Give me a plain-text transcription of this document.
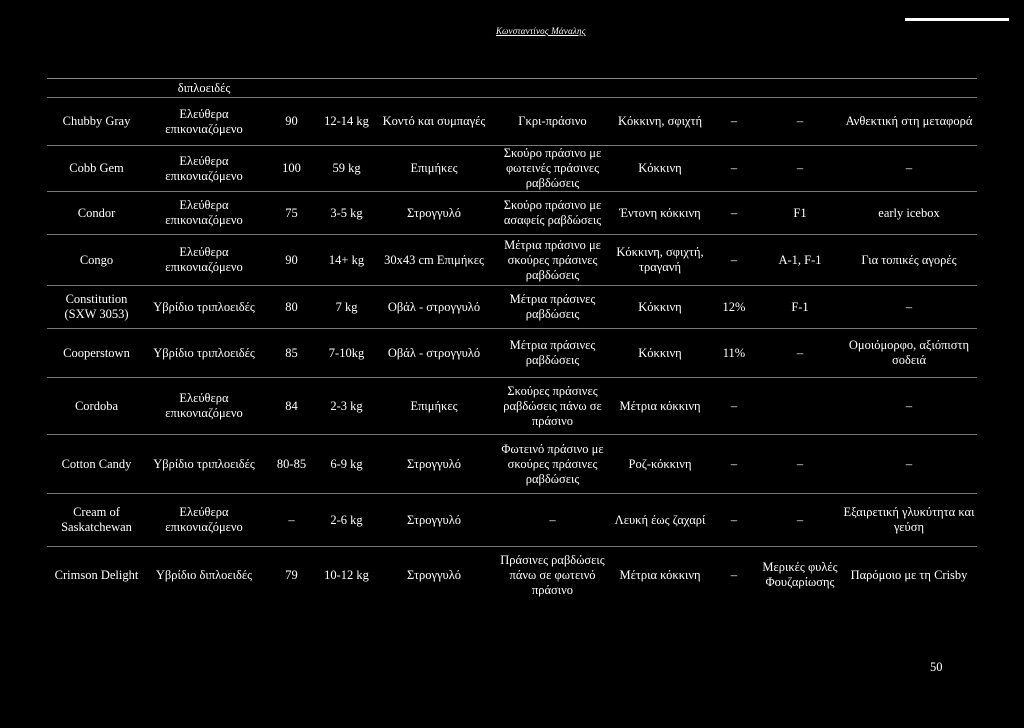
Κωνσταντίνος Μάναλης
	διπλοειδές								
Chubby Gray	Ελεύθερα επικονιαζόμενο	90	12-14 kg	Κοντό και συμπαγές	Γκρι-πράσινο	Κόκκινη, σφιχτή	–	–	Ανθεκτική στη μεταφορά
Cobb Gem	Ελεύθερα επικονιαζόμενο	100	59 kg	Επιμήκες	Σκούρο πράσινο με φωτεινές πράσινες ραβδώσεις	Κόκκινη	–	–	–
Condor	Ελεύθερα επικονιαζόμενο	75	3-5 kg	Στρογγυλό	Σκούρο πράσινο με ασαφείς ραβδώσεις	Έντονη κόκκινη	–	F1	early icebox
Congo	Ελεύθερα επικονιαζόμενο	90	14+ kg	30x43 cm Επιμήκες	Μέτρια πράσινο με σκούρες πράσινες ραβδώσεις	Κόκκινη, σφιχτή, τραγανή	–	A-1, F-1	Για τοπικές αγορές
Constitution (SXW 3053)	Υβρίδιο τριπλοειδές	80	7 kg	Οβάλ - στρογγυλό	Μέτρια πράσινες ραβδώσεις	Κόκκινη	12%	F-1	–
Cooperstown	Υβρίδιο τριπλοειδές	85	7-10kg	Οβάλ - στρογγυλό	Μέτρια πράσινες ραβδώσεις	Κόκκινη	11%	–	Ομοιόμορφο, αξιόπιστη σοδειά
Cordoba	Ελεύθερα επικονιαζόμενο	84	2-3 kg	Επιμήκες	Σκούρες πράσινες ραβδώσεις πάνω σε πράσινο	Μέτρια κόκκινη	–		–
Cotton Candy	Υβρίδιο τριπλοειδές	80-85	6-9 kg	Στρογγυλό	Φωτεινό πράσινο με σκούρες πράσινες ραβδώσεις	Ροζ-κόκκινη	–	–	–
Cream of Saskatchewan	Ελεύθερα επικονιαζόμενο	–	2-6 kg	Στρογγυλό	–	Λευκή έως ζαχαρί	–	–	Εξαιρετική γλυκύτητα και γεύση
Crimson Delight	Υβρίδιο διπλοειδές	79	10-12 kg	Στρογγυλό	Πράσινες ραβδώσεις πάνω σε φωτεινό πράσινο	Μέτρια κόκκινη	–	Μερικές φυλές Φουζαρίωσης	Παρόμοιο με τη Crisby
50
